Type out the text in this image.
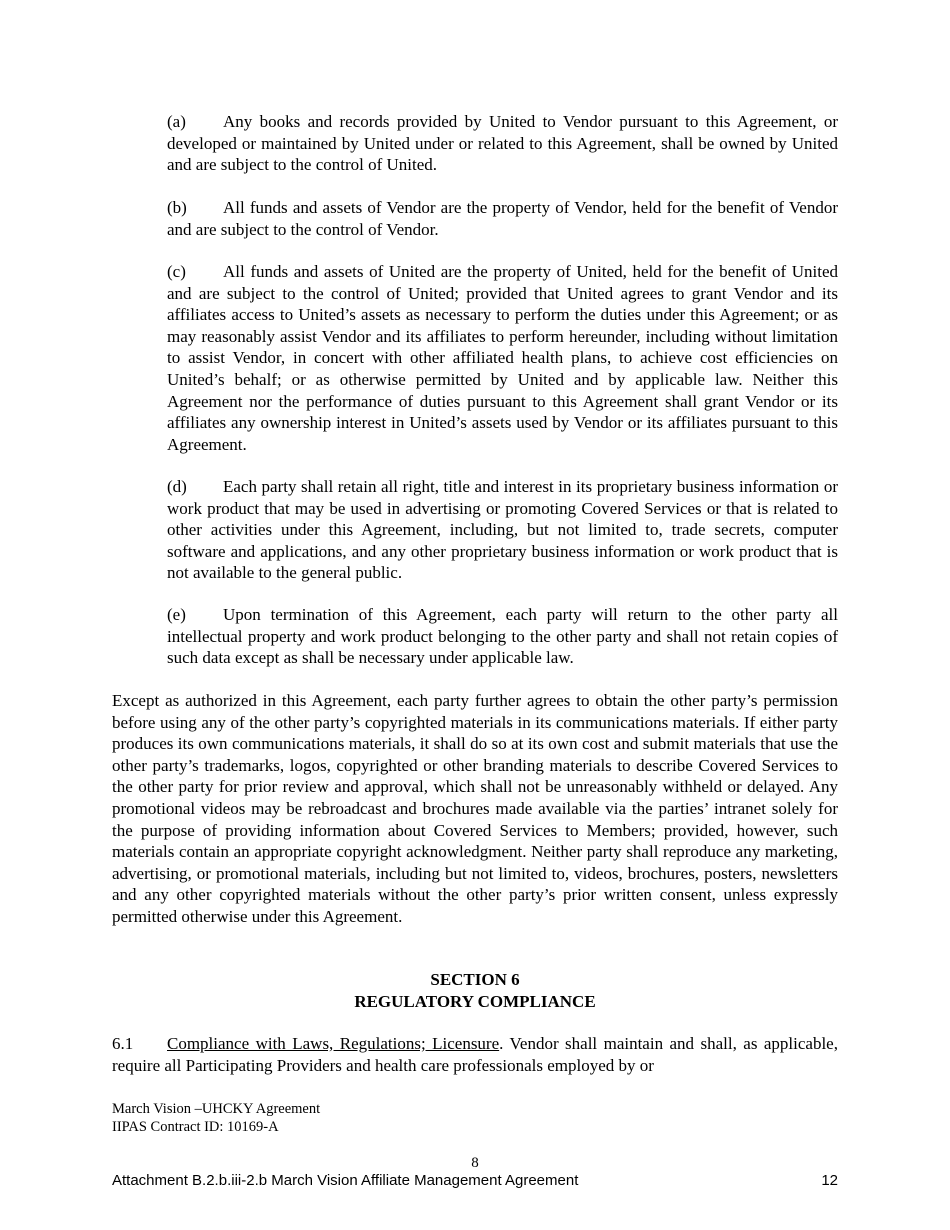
(a) Any books and records provided by United to Vendor pursuant to this Agreement, or developed or maintained by United under or related to this Agreement, shall be owned by United and are subject to the control of United.
(b) All funds and assets of Vendor are the property of Vendor, held for the benefit of Vendor and are subject to the control of Vendor.
(c) All funds and assets of United are the property of United, held for the benefit of United and are subject to the control of United; provided that United agrees to grant Vendor and its affiliates access to United’s assets as necessary to perform the duties under this Agreement; or as may reasonably assist Vendor and its affiliates to perform hereunder, including without limitation to assist Vendor, in concert with other affiliated health plans, to achieve cost efficiencies on United’s behalf; or as otherwise permitted by United and by applicable law. Neither this Agreement nor the performance of duties pursuant to this Agreement shall grant Vendor or its affiliates any ownership interest in United’s assets used by Vendor or its affiliates pursuant to this Agreement.
(d) Each party shall retain all right, title and interest in its proprietary business information or work product that may be used in advertising or promoting Covered Services or that is related to other activities under this Agreement, including, but not limited to, trade secrets, computer software and applications, and any other proprietary business information or work product that is not available to the general public.
(e) Upon termination of this Agreement, each party will return to the other party all intellectual property and work product belonging to the other party and shall not retain copies of such data except as shall be necessary under applicable law.
Except as authorized in this Agreement, each party further agrees to obtain the other party’s permission before using any of the other party’s copyrighted materials in its communications materials. If either party produces its own communications materials, it shall do so at its own cost and submit materials that use the other party’s trademarks, logos, copyrighted or other branding materials to describe Covered Services to the other party for prior review and approval, which shall not be unreasonably withheld or delayed. Any promotional videos may be rebroadcast and brochures made available via the parties’ intranet solely for the purpose of providing information about Covered Services to Members; provided, however, such materials contain an appropriate copyright acknowledgment. Neither party shall reproduce any marketing, advertising, or promotional materials, including but not limited to, videos, brochures, posters, newsletters and any other copyrighted materials without the other party’s prior written consent, unless expressly permitted otherwise under this Agreement.
SECTION 6
REGULATORY COMPLIANCE
6.1 Compliance with Laws, Regulations; Licensure. Vendor shall maintain and shall, as applicable, require all Participating Providers and health care professionals employed by or
March Vision –UHCKY Agreement
IIPAS Contract ID: 10169-A
8
Attachment B.2.b.iii-2.b March Vision Affiliate Management Agreement	12
